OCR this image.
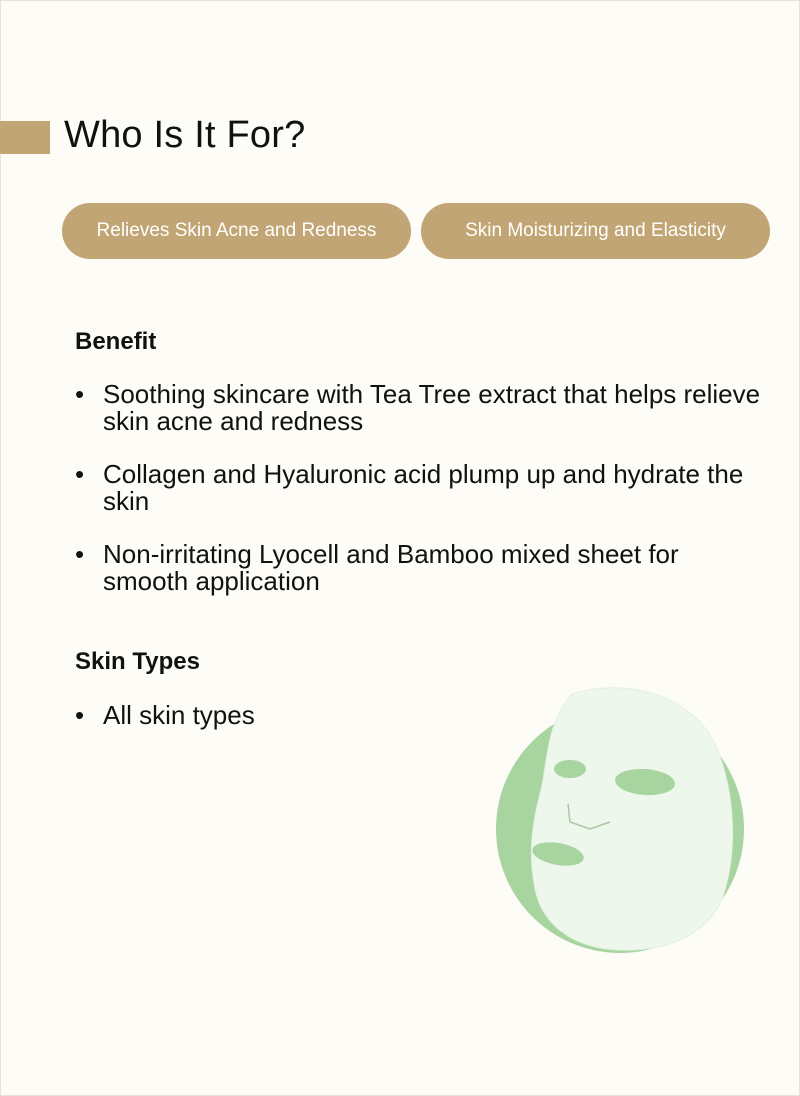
Who Is It For?
Relieves Skin Acne and Redness	Skin Moisturizing and Elasticity
Benefit
• Soothing skincare with Tea Tree extract that helps relieve skin acne and redness
• Collagen and Hyaluronic acid plump up and hydrate the skin
• Non-irritating Lyocell and Bamboo mixed sheet for smooth application
Skin Types
• All skin types
